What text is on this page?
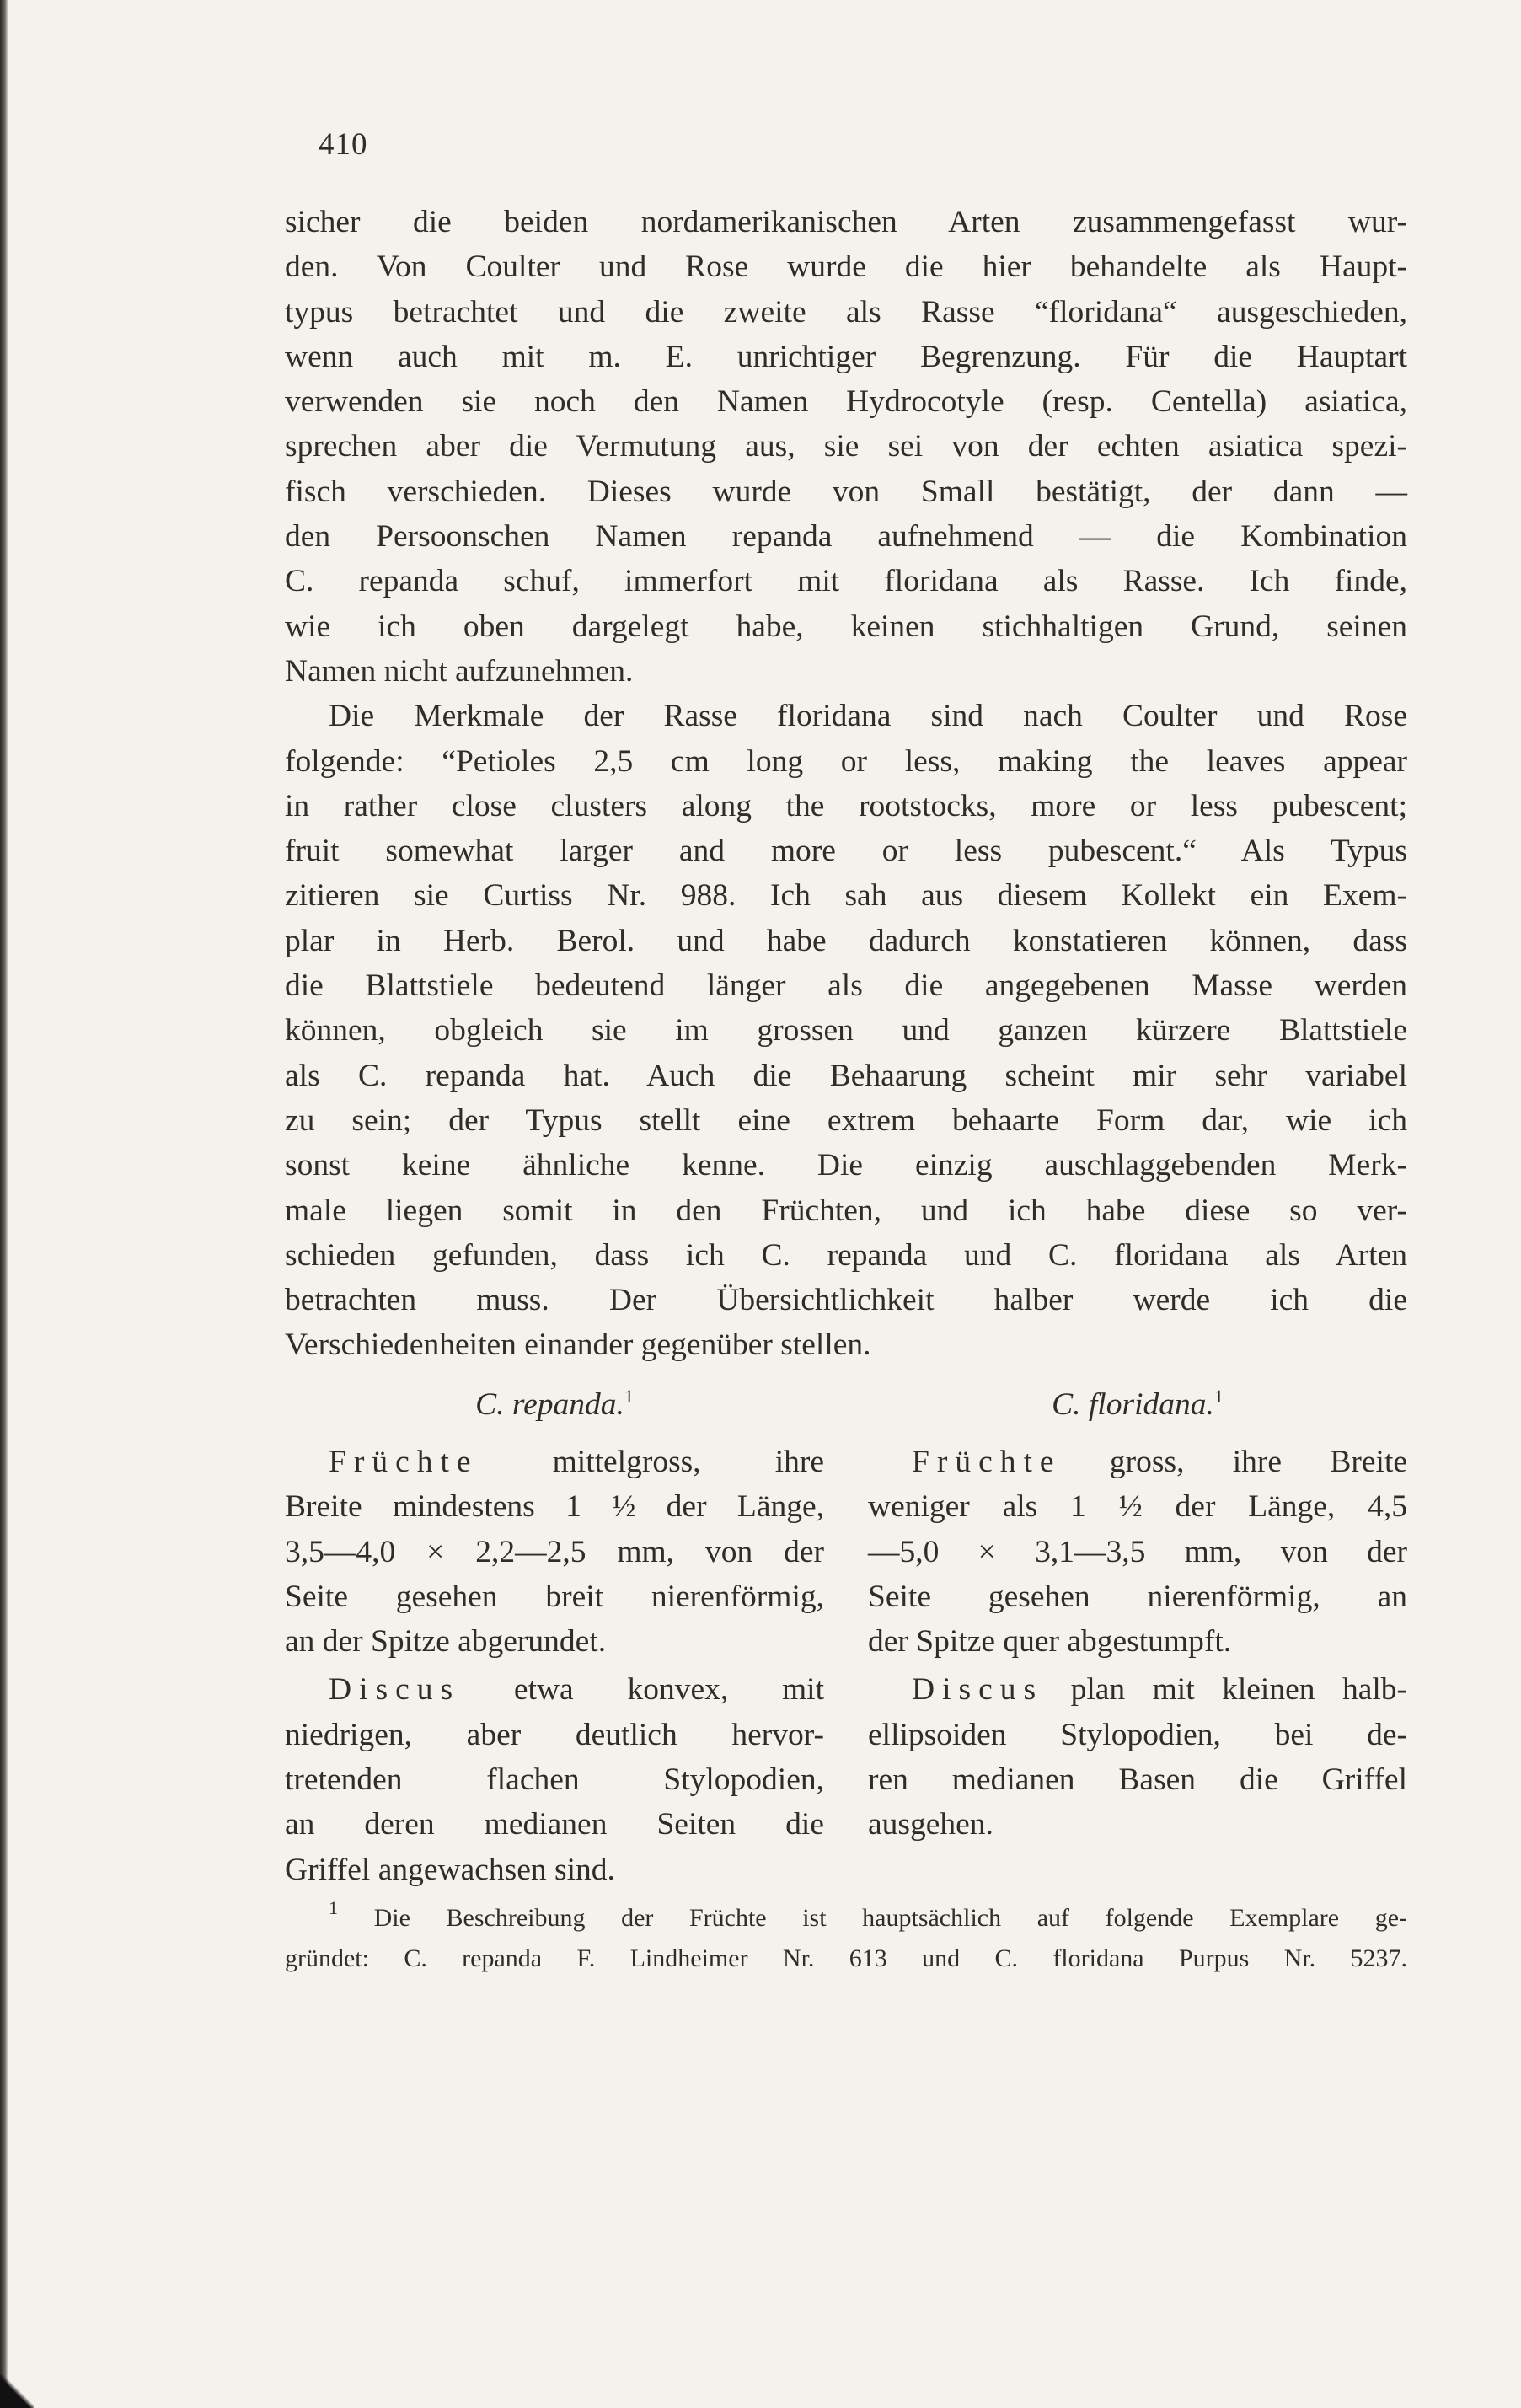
410
sicher die beiden nordamerikanischen Arten zusammengefasst wur-
den. Von Coulter und Rose wurde die hier behandelte als Haupt-
typus betrachtet und die zweite als Rasse “floridana“ ausgeschieden,
wenn auch mit m. E. unrichtiger Begrenzung. Für die Hauptart
verwenden sie noch den Namen Hydrocotyle (resp. Centella) asiatica,
sprechen aber die Vermutung aus, sie sei von der echten asiatica spezi-
fisch verschieden. Dieses wurde von Small bestätigt, der dann —
den Persoonschen Namen repanda aufnehmend — die Kombination
C. repanda schuf, immerfort mit floridana als Rasse. Ich finde,
wie ich oben dargelegt habe, keinen stichhaltigen Grund, seinen
Namen nicht aufzunehmen.
Die Merkmale der Rasse floridana sind nach Coulter und Rose
folgende: “Petioles 2,5 cm long or less, making the leaves appear
in rather close clusters along the rootstocks, more or less pubescent;
fruit somewhat larger and more or less pubescent.“ Als Typus
zitieren sie Curtiss Nr. 988. Ich sah aus diesem Kollekt ein Exem-
plar in Herb. Berol. und habe dadurch konstatieren können, dass
die Blattstiele bedeutend länger als die angegebenen Masse werden
können, obgleich sie im grossen und ganzen kürzere Blattstiele
als C. repanda hat. Auch die Behaarung scheint mir sehr variabel
zu sein; der Typus stellt eine extrem behaarte Form dar, wie ich
sonst keine ähnliche kenne. Die einzig auschlaggebenden Merk-
male liegen somit in den Früchten, und ich habe diese so ver-
schieden gefunden, dass ich C. repanda und C. floridana als Arten
betrachten muss. Der Übersichtlichkeit halber werde ich die
Verschiedenheiten einander gegenüber stellen.
C. repanda.$^1$
Früchte mittelgross, ihre
Breite mindestens 1 ½ der Länge,
3,5—4,0 × 2,2—2,5 mm, von der
Seite gesehen breit nierenförmig,
an der Spitze abgerundet.
Discus etwa konvex, mit
niedrigen, aber deutlich hervor-
tretenden flachen Stylopodien,
an deren medianen Seiten die
Griffel angewachsen sind.
C. floridana.$^1$
Früchte gross, ihre Breite
weniger als 1 ½ der Länge, 4,5
—5,0 × 3,1—3,5 mm, von der
Seite gesehen nierenförmig, an
der Spitze quer abgestumpft.
Discus plan mit kleinen halb-
ellipsoiden Stylopodien, bei de-
ren medianen Basen die Griffel
ausgehen.
$^1$ Die Beschreibung der Früchte ist hauptsächlich auf folgende Exemplare ge-
gründet: C. repanda F. Lindheimer Nr. 613 und C. floridana Purpus Nr. 5237.
